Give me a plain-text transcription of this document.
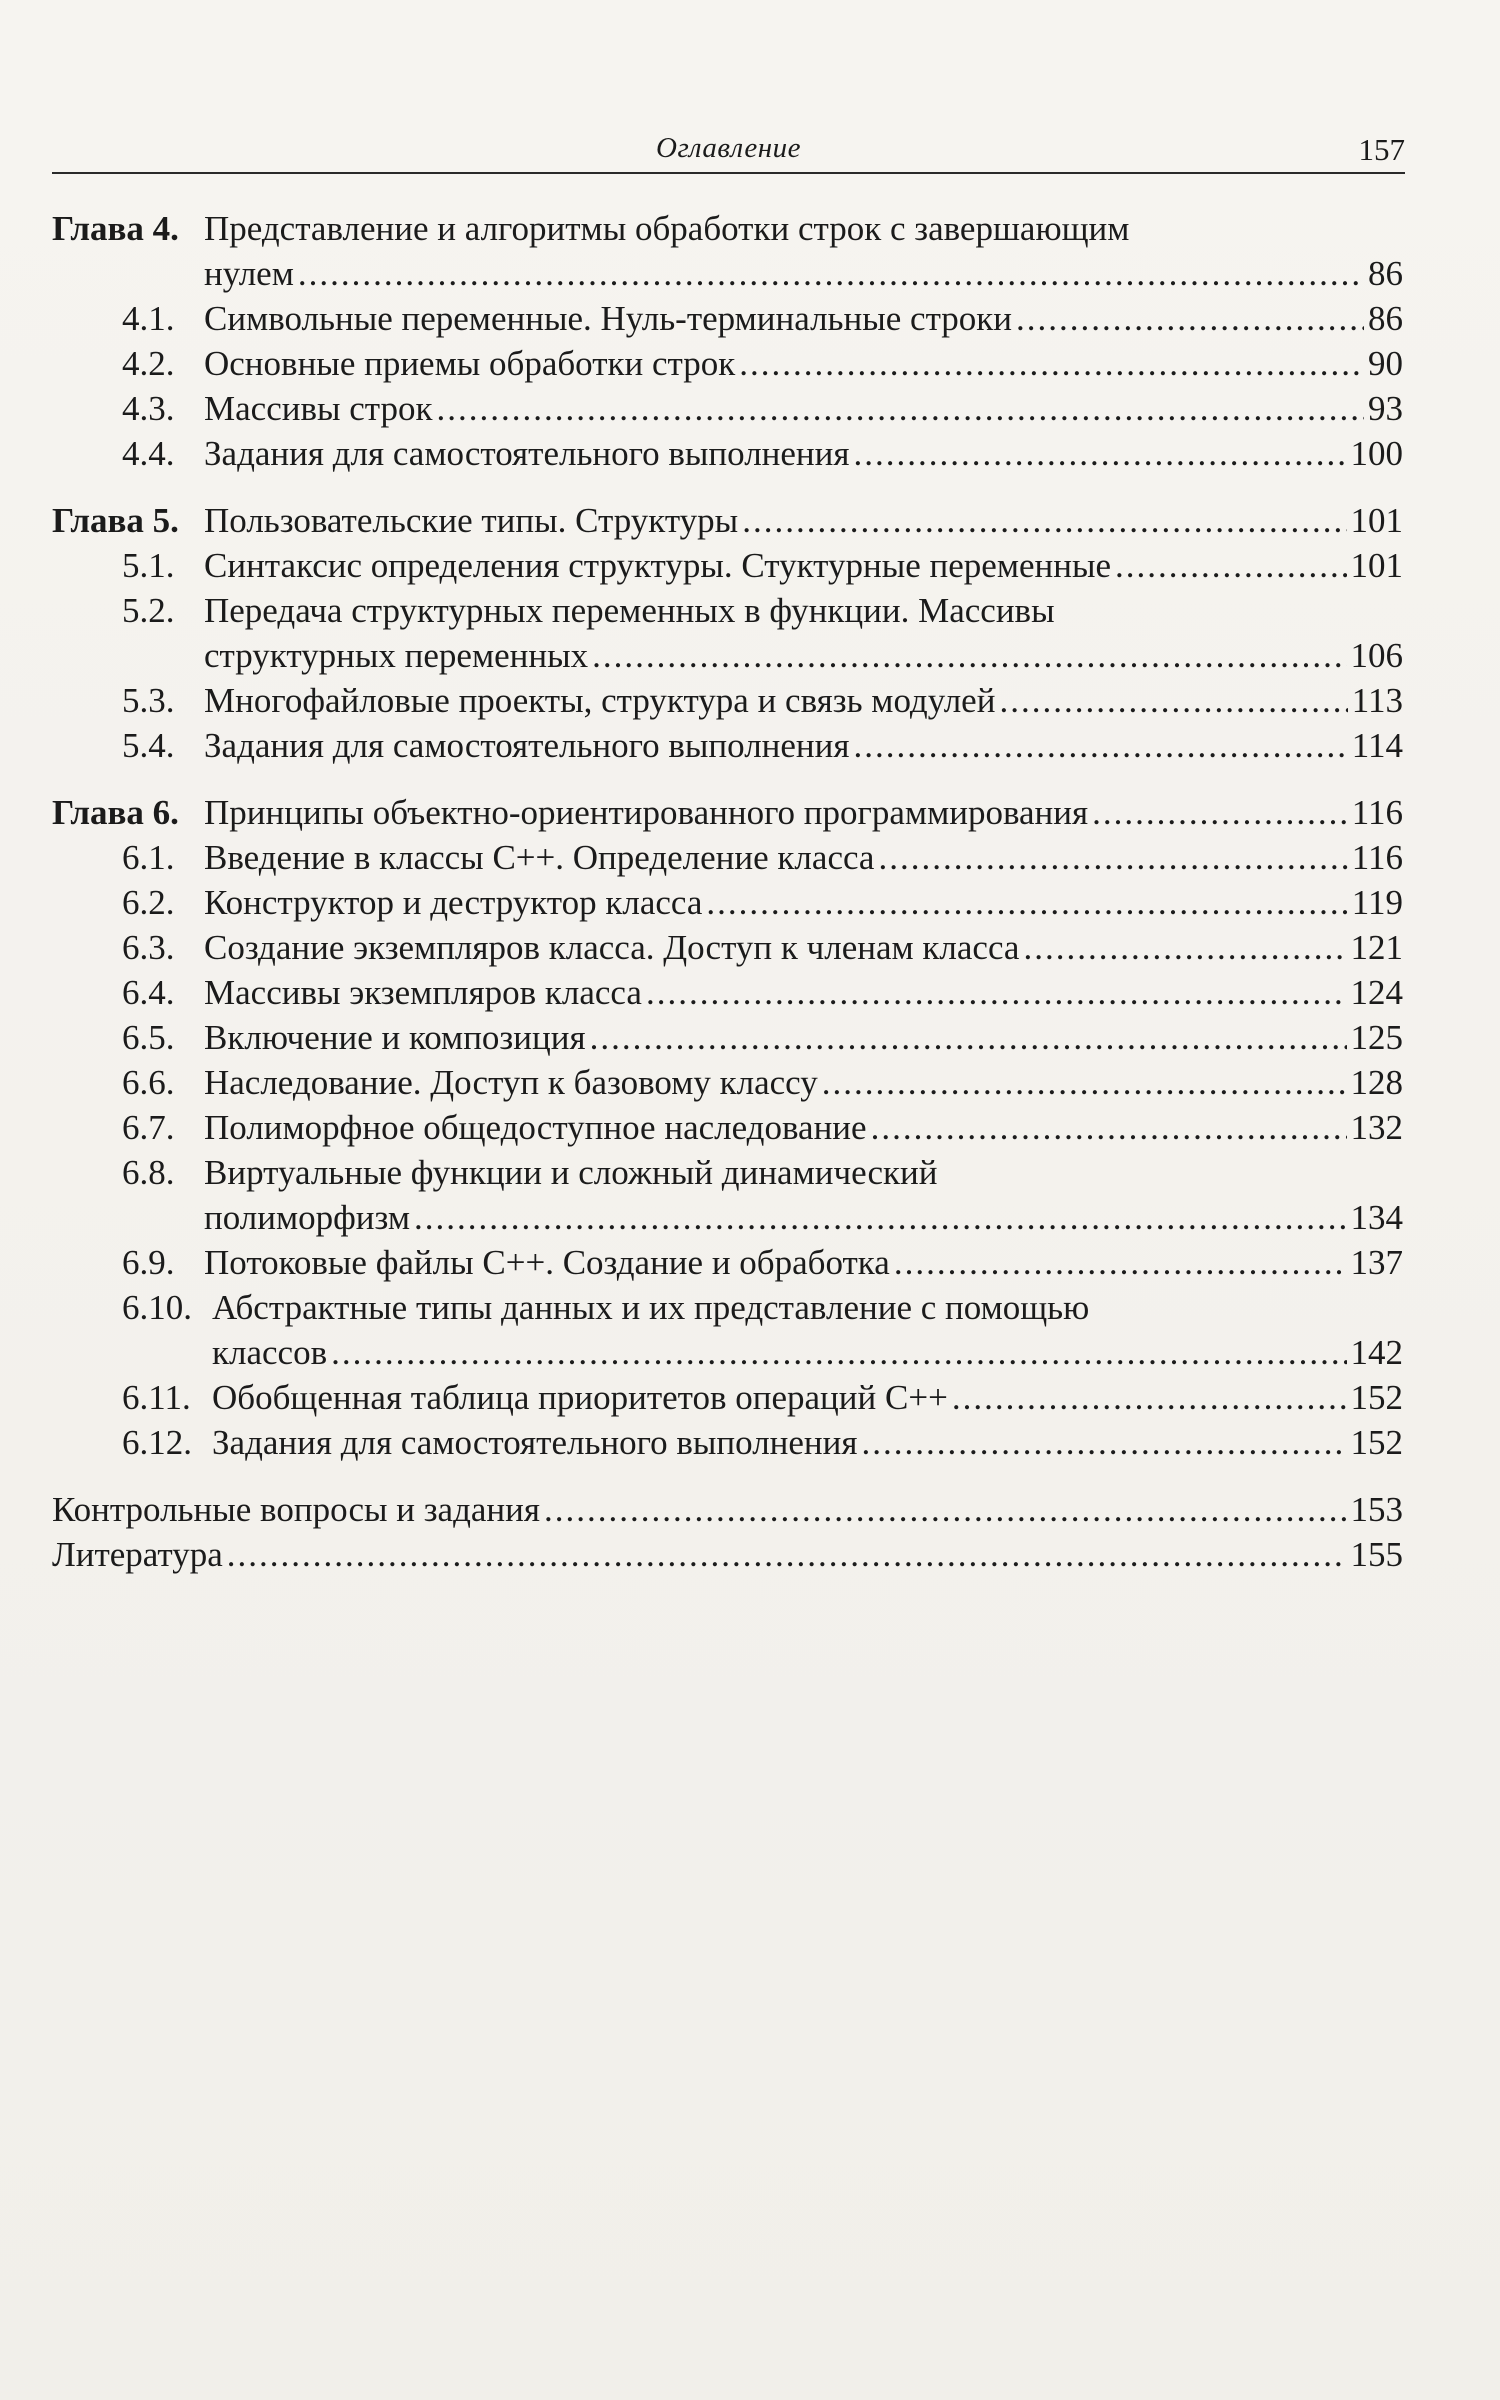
Оглавление	157
Глава 4. Представление и алгоритмы обработки строк с завершающим
нулем .....	86
4.1. Символьные переменные. Нуль-терминальные строки .....	86
4.2. Основные приемы обработки строк .....	90
4.3. Массивы строк .....	93
4.4. Задания для самостоятельного выполнения .....	100
Глава 5. Пользовательские типы. Структуры .....	101
5.1. Синтаксис определения структуры. Стуктурные переменные .....	101
5.2. Передача структурных переменных в функции. Массивы
структурных переменных .....	106
5.3. Многофайловые проекты, структура и связь модулей .....	113
5.4. Задания для самостоятельного выполнения .....	114
Глава 6. Принципы объектно-ориентированного программирования .....	116
6.1. Введение в классы C++. Определение класса .....	116
6.2. Конструктор и деструктор класса .....	119
6.3. Создание экземпляров класса. Доступ к членам класса .....	121
6.4. Массивы экземпляров класса .....	124
6.5. Включение и композиция .....	125
6.6. Наследование. Доступ к базовому классу .....	128
6.7. Полиморфное общедоступное наследование .....	132
6.8. Виртуальные функции и сложный динамический
полиморфизм .....	134
6.9. Потоковые файлы C++. Создание и обработка .....	137
6.10. Абстрактные типы данных и их представление с помощью
классов .....	142
6.11. Обобщенная таблица приоритетов операций C++ .....	152
6.12. Задания для самостоятельного выполнения .....	152
Контрольные вопросы и задания .....	153
Литература .....	155
